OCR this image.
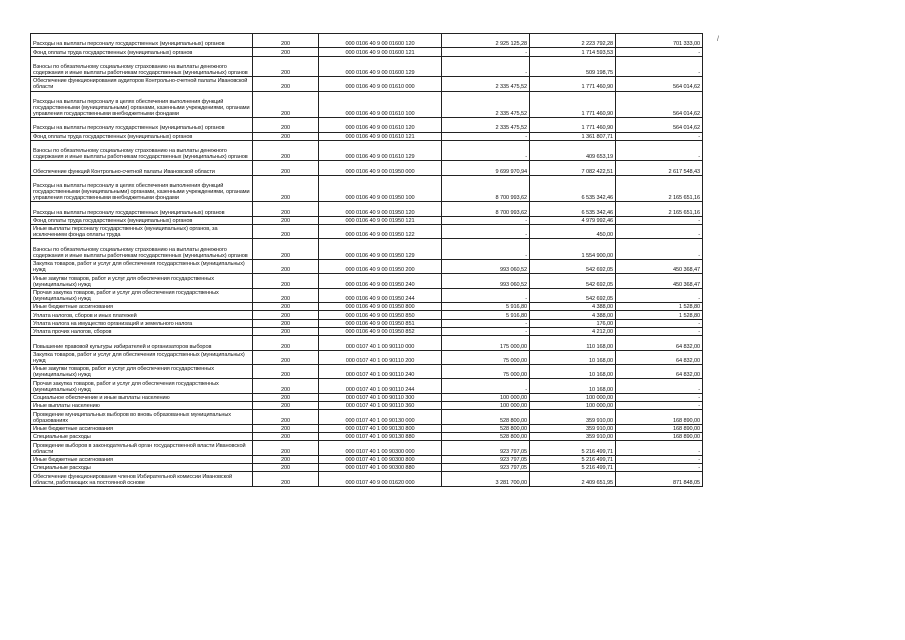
Расходы на выплаты персоналу государственных (муниципальных) органов	200	000 0106 40 9 00 01600 120	2 925 125,28	2 223 792,28	701 333,00
Фонд оплаты труда государственных (муниципальных) органов	200	000 0106 40 9 00 01600 121	-	1 714 593,53	-
Взносы по обязательному социальному страхованию на выплаты денежного содержания и иные выплаты работникам государственных (муниципальных) органов	200	000 0106 40 9 00 01600 129	-	509 198,75	-
Обеспечение функционирования аудиторов Контрольно-счетной палаты Ивановской области	200	000 0106 40 9 00 01610 000	2 335 475,52	1 771 460,90	564 014,62
Расходы на выплаты персоналу в целях обеспечения выполнения функций государственными (муниципальными) органами, казенными учреждениями, органами управления государственными внебюджетными фондами	200	000 0106 40 9 00 01610 100	2 335 475,52	1 771 460,90	564 014,62
Расходы на выплаты персоналу государственных (муниципальных) органов	200	000 0106 40 9 00 01610 120	2 335 475,52	1 771 460,90	564 014,62
Фонд оплаты труда государственных (муниципальных) органов	200	000 0106 40 9 00 01610 121	-	1 361 807,71	-
Взносы по обязательному социальному страхованию на выплаты денежного содержания и иные выплаты работникам государственных (муниципальных) органов	200	000 0106 40 9 00 01610 129	-	409 653,19	-
Обеспечение функций Контрольно-счетной палаты Ивановской области	200	000 0106 40 9 00 01950 000	9 699 970,94	7 082 422,51	2 617 548,43
Расходы на выплаты персоналу в целях обеспечения выполнения функций государственными (муниципальными) органами, казенными учреждениями, органами управления государственными внебюджетными фондами	200	000 0106 40 9 00 01950 100	8 700 993,62	6 535 342,46	2 165 651,16
Расходы на выплаты персоналу государственных (муниципальных) органов	200	000 0106 40 9 00 01950 120	8 700 993,62	6 535 342,46	2 165 651,16
Фонд оплаты труда государственных (муниципальных) органов	200	000 0106 40 9 00 01950 121	-	4 979 992,46	-
Иные выплаты персоналу государственных (муниципальных) органов, за исключением фонда оплаты труда	200	000 0106 40 9 00 01950 122	-	450,00	-
Взносы по обязательному социальному страхованию на выплаты денежного содержания и иные выплаты работникам государственных (муниципальных) органов	200	000 0106 40 9 00 01950 129	-	1 554 900,00	-
Закупка товаров, работ и услуг для обеспечения государственных (муниципальных) нужд	200	000 0106 40 9 00 01950 200	993 060,52	542 692,05	450 368,47
Иные закупки товаров, работ и услуг для обеспечения государственных (муниципальных) нужд	200	000 0106 40 9 00 01950 240	993 060,52	542 692,05	450 368,47
Прочая закупка товаров, работ и услуг для обеспечения государственных (муниципальных) нужд	200	000 0106 40 9 00 01950 244	-	542 692,05	-
Иные бюджетные ассигнования	200	000 0106 40 9 00 01950 800	5 916,80	4 388,00	1 528,80
Уплата налогов, сборов и иных платежей	200	000 0106 40 9 00 01950 850	5 916,80	4 388,00	1 528,80
Уплата налога на имущество организаций и земельного налога	200	000 0106 40 9 00 01950 851	-	176,00	-
Уплата прочих налогов, сборов	200	000 0106 40 9 00 01950 852	-	4 212,00	-
Повышение правовой культуры избирателей и организаторов выборов	200	000 0107 40 1 00 90110 000	175 000,00	110 168,00	64 832,00
Закупка товаров, работ и услуг для обеспечения государственных (муниципальных) нужд	200	000 0107 40 1 00 90110 200	75 000,00	10 168,00	64 832,00
Иные закупки товаров, работ и услуг для обеспечения государственных (муниципальных) нужд	200	000 0107 40 1 00 90110 240	75 000,00	10 168,00	64 832,00
Прочая закупка товаров, работ и услуг для обеспечения государственных (муниципальных) нужд	200	000 0107 40 1 00 90110 244	-	10 168,00	-
Социальное обеспечение и иные выплаты населению	200	000 0107 40 1 00 90110 300	100 000,00	100 000,00	-
Иные выплаты населению	200	000 0107 40 1 00 90110 360	100 000,00	100 000,00	-
Проведение муниципальных выборов во вновь образованных муниципальных образованиях	200	000 0107 40 1 00 90130 000	528 800,00	359 910,00	168 890,00
Иные бюджетные ассигнования	200	000 0107 40 1 00 90130 800	528 800,00	359 910,00	168 890,00
Специальные расходы	200	000 0107 40 1 00 90130 880	528 800,00	359 910,00	168 890,00
Проведение выборов в законодательный орган государственной власти Ивановской области	200	000 0107 40 1 00 90300 000	923 797,05	5 216 499,71	-
Иные бюджетные ассигнования	200	000 0107 40 1 00 90300 800	923 797,05	5 216 499,71	-
Специальные расходы	200	000 0107 40 1 00 90300 880	923 797,05	5 216 499,71	-
Обеспечение функционирования членов Избирательной комиссии Ивановской области, работающих на постоянной основе	200	000 0107 40 9 00 01620 000	3 281 700,00	2 409 651,95	871 848,05
/
